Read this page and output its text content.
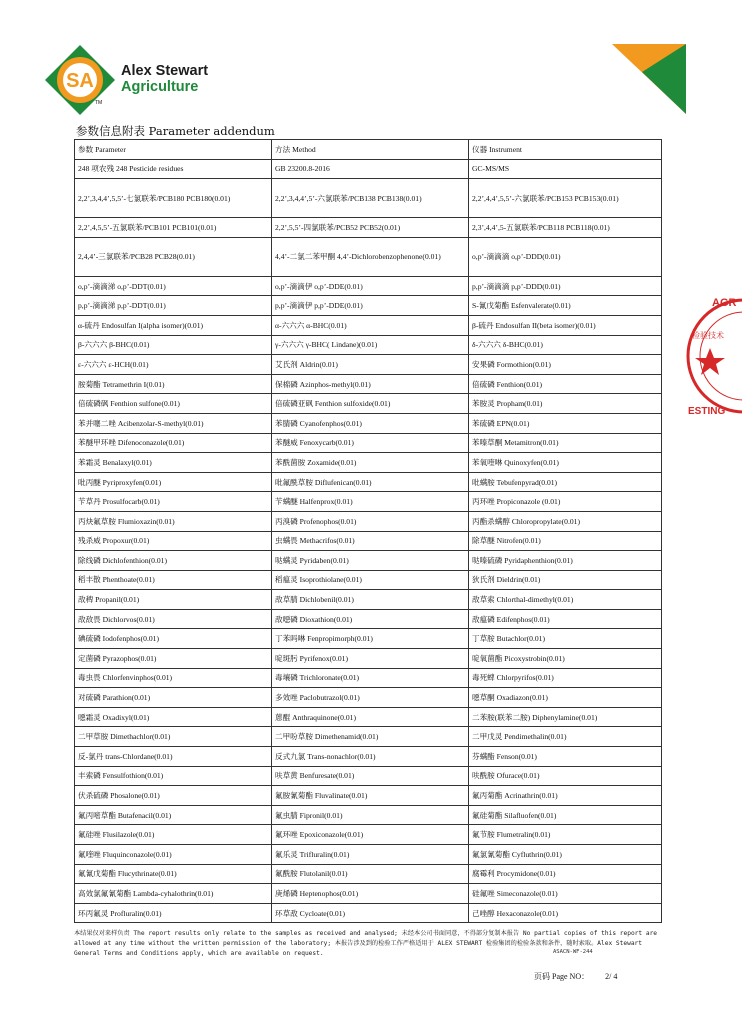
SA Alex Stewart
Agriculture
TM
AGR
检验技术
ESTING
参数信息附表 Parameter addendum
参数 Parameter	方法 Method	仪器 Instrument
248 项农残 248 Pesticide residues	GB 23200.8-2016	GC-MS/MS
2,2’,3,4,4’,5,5’-七氯联苯/PCB180 PCB180(0.01)	2,2’,3,4,4’,5’-六氯联苯/PCB138 PCB138(0.01)	2,2’,4,4’,5,5’-六氯联苯/PCB153 PCB153(0.01)
2,2’,4,5,5’-五氯联苯/PCB101 PCB101(0.01)	2,2’,5,5’-四氯联苯/PCB52 PCB52(0.01)	2,3’,4,4’,5-五氯联苯/PCB118 PCB118(0.01)
2,4,4’-三氯联苯/PCB28 PCB28(0.01)	4,4’-二氯二苯甲酮 4,4’-Dichlorobenzophenone(0.01)	o,p’-滴滴滴 o,p’-DDD(0.01)
o,p’-滴滴涕 o,p’-DDT(0.01)	o,p’-滴滴伊 o,p’-DDE(0.01)	p,p’-滴滴滴 p,p’-DDD(0.01)
p,p’-滴滴涕 p,p’-DDT(0.01)	p,p’-滴滴伊 p,p’-DDE(0.01)	S-氰戊菊酯 Esfenvalerate(0.01)
α-硫丹 Endosulfan I(alpha isomer)(0.01)	α-六六六 α-BHC(0.01)	β-硫丹 Endosulfan II(beta isomer)(0.01)
β-六六六 β-BHC(0.01)	γ-六六六 γ-BHC( Lindane)(0.01)	δ-六六六 δ-BHC(0.01)
ε-六六六 ε-HCH(0.01)	艾氏剂 Aldrin(0.01)	安果磷 Formothion(0.01)
胺菊酯 Tetramethrin I(0.01)	保棉磷 Azinphos-methyl(0.01)	倍硫磷 Fenthion(0.01)
倍硫磷砜 Fenthion sulfone(0.01)	倍硫磷亚砜 Fenthion sulfoxide(0.01)	苯胺灵 Propham(0.01)
苯并噻二唑 Acibenzolar-S-methyl(0.01)	苯腈磷 Cyanofenphos(0.01)	苯硫磷 EPN(0.01)
苯醚甲环唑 Difenoconazole(0.01)	苯醚威 Fenoxycarb(0.01)	苯嗪草酮 Metamitron(0.01)
苯霜灵 Benalaxyl(0.01)	苯酰菌胺 Zoxamide(0.01)	苯氧喹啉 Quinoxyfen(0.01)
吡丙醚 Pyriproxyfen(0.01)	吡氟酰草胺 Diflufenican(0.01)	吡螨胺 Tebufenpyrad(0.01)
苄草丹 Prosulfocarb(0.01)	苄螨醚 Halfenprox(0.01)	丙环唑 Propiconazole (0.01)
丙炔氟草胺 Flumioxazin(0.01)	丙溴磷 Profenophos(0.01)	丙酯杀螨醇 Chloropropylate(0.01)
残杀威 Propoxur(0.01)	虫螨畏 Methacrifos(0.01)	除草醚 Nitrofen(0.01)
除线磷 Dichlofenthion(0.01)	哒螨灵 Pyridaben(0.01)	哒嗪硫磷 Pyridaphenthion(0.01)
稻丰散 Phenthoate(0.01)	稻瘟灵 Isoprothiolane(0.01)	狄氏剂 Dieldrin(0.01)
敌稗 Propanil(0.01)	敌草腈 Dichlobenil(0.01)	敌草索 Chlorthal-dimethyl(0.01)
敌敌畏 Dichlorvos(0.01)	敌噁磷 Dioxathion(0.01)	敌瘟磷 Edifenphos(0.01)
碘硫磷 Iodofenphos(0.01)	丁苯吗啉 Fenpropimorph(0.01)	丁草胺 Butachlor(0.01)
定菌磷 Pyrazophos(0.01)	啶斑肟 Pyrifenox(0.01)	啶氧菌酯 Picoxystrobin(0.01)
毒虫畏 Chlorfenvinphos(0.01)	毒壤磷 Trichloronate(0.01)	毒死蜱 Chlorpyrifos(0.01)
对硫磷 Parathion(0.01)	多效唑 Paclobutrazol(0.01)	噁草酮 Oxadiazon(0.01)
噁霜灵 Oxadixyl(0.01)	蒽醌 Anthraquinone(0.01)	二苯胺(联苯二胺) Diphenylamine(0.01)
二甲草胺 Dimethachlor(0.01)	二甲吩草胺 Dimethenamid(0.01)	二甲戊灵 Pendimethalin(0.01)
反-氯丹 trans-Chlordane(0.01)	反式九氯 Trans-nonachlor(0.01)	芬螨酯 Fenson(0.01)
丰索磷 Fensulfothion(0.01)	呋草黄 Benfuresate(0.01)	呋酰胺 Ofurace(0.01)
伏杀硫磷 Phosalone(0.01)	氟胺氰菊酯 Fluvalinate(0.01)	氟丙菊酯 Acrinathrin(0.01)
氟丙嘧草酯 Butafenacil(0.01)	氟虫腈 Fipronil(0.01)	氟硅菊酯 Silafluofen(0.01)
氟硅唑 Flusilazole(0.01)	氟环唑 Epoxiconazole(0.01)	氟节胺 Flumetralin(0.01)
氟喹唑 Fluquinconazole(0.01)	氟乐灵 Trifluralin(0.01)	氟氯氰菊酯 Cyfluthrin(0.01)
氟氰戊菊酯 Flucythrinate(0.01)	氟酰胺 Flutolanil(0.01)	腐霉利 Procymidone(0.01)
高效氯氟氰菊酯 Lambda-cyhalothrin(0.01)	庚烯磷 Heptenophos(0.01)	硅氟唑 Simeconazole(0.01)
环丙氟灵 Profluralin(0.01)	环草敌 Cycloate(0.01)	己唑醇 Hexaconazole(0.01)
本结果仅对来样负责 The report results only relate to the samples as received and analysed; 未经本公司书面同意，不得部分复制本报告 No partial copies of this report are allowed at any time without the written permission of the laboratory; 本报告涉及到的检验工作严格适用于 ALEX STEWART 检验集团的检验条款和条件，随时索取。Alex Stewart General Terms and Conditions apply, which are available on request.	ASACN-WF-244
页码 Page NO： 2/ 4
